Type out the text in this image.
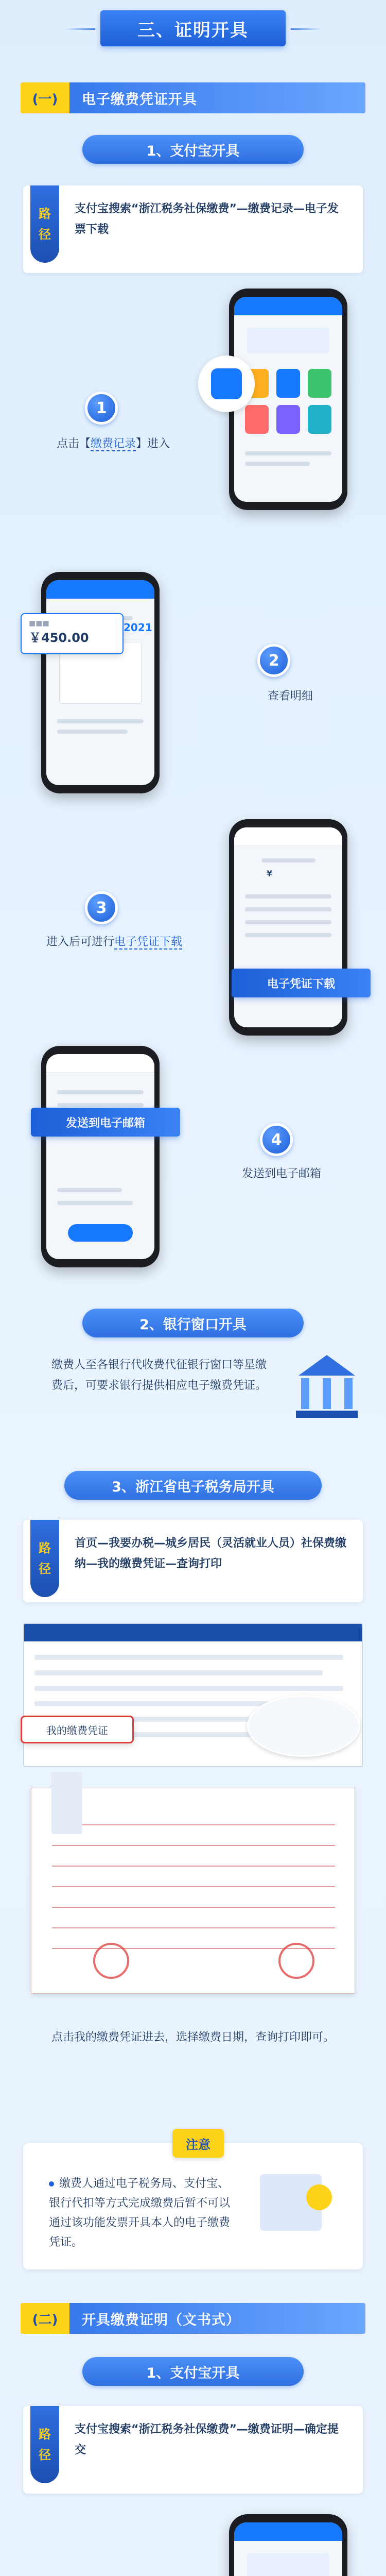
三、证明开具
(一)	电子缴费凭证开具
1、支付宝开具
路
径
支付宝搜索“浙江税务社保缴费”—缴费记录—电子发票下载
1
点击【缴费记录】进入
■■■
￥450.00
2021
2
查看明细
¥
电子凭证下载
3
进入后可进行电子凭证下载
发送到电子邮箱
4
发送到电子邮箱
2、银行窗口开具
缴费人至各银行代收费代征银行窗口等星缴费后，可要求银行提供相应电子缴费凭证。
3、浙江省电子税务局开具
路
径
首页—我要办税—城乡居民（灵活就业人员）社保费缴纳—我的缴费凭证—查询打印
我的缴费凭证
点击我的缴费凭证进去，选择缴费日期，查询打印即可。
注意
缴费人通过电子税务局、支付宝、银行代扣等方式完成缴费后暂不可以通过该功能发票开具本人的电子缴费凭证。
(二)	开具缴费证明（文书式）
1、支付宝开具
路
径
支付宝搜索“浙江税务社保缴费”—缴费证明—确定提交
